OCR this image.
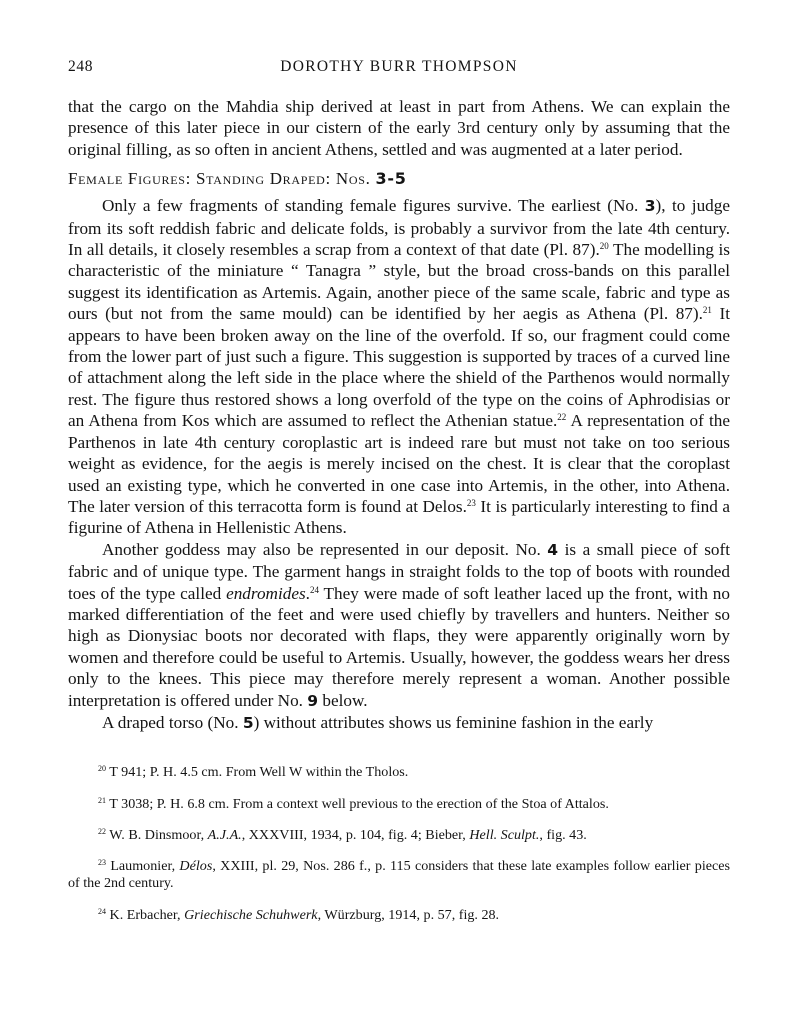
248	DOROTHY BURR THOMPSON

that the cargo on the Mahdia ship derived at least in part from Athens. We can explain the presence of this later piece in our cistern of the early 3rd century only by assuming that the original filling, as so often in ancient Athens, settled and was augmented at a later period.

Female Figures: Standing Draped: Nos. 3-5

Only a few fragments of standing female figures survive. The earliest (No. 3), to judge from its soft reddish fabric and delicate folds, is probably a survivor from the late 4th century. In all details, it closely resembles a scrap from a context of that date (Pl. 87).$^{20}$ The modelling is characteristic of the miniature “ Tanagra ” style, but the broad cross-bands on this parallel suggest its identification as Artemis. Again, another piece of the same scale, fabric and type as ours (but not from the same mould) can be identified by her aegis as Athena (Pl. 87).$^{21}$ It appears to have been broken away on the line of the overfold. If so, our fragment could come from the lower part of just such a figure. This suggestion is supported by traces of a curved line of attachment along the left side in the place where the shield of the Parthenos would normally rest. The figure thus restored shows a long overfold of the type on the coins of Aphrodisias or an Athena from Kos which are assumed to reflect the Athenian statue.$^{22}$ A representation of the Parthenos in late 4th century coroplastic art is indeed rare but must not take on too serious weight as evidence, for the aegis is merely incised on the chest. It is clear that the coroplast used an existing type, which he converted in one case into Artemis, in the other, into Athena. The later version of this terracotta form is found at Delos.$^{23}$ It is particularly interesting to find a figurine of Athena in Hellenistic Athens.

Another goddess may also be represented in our deposit. No. 4 is a small piece of soft fabric and of unique type. The garment hangs in straight folds to the top of boots with rounded toes of the type called endromides.$^{24}$ They were made of soft leather laced up the front, with no marked differentiation of the feet and were used chiefly by travellers and hunters. Neither so high as Dionysiac boots nor decorated with flaps, they were apparently originally worn by women and therefore could be useful to Artemis. Usually, however, the goddess wears her dress only to the knees. This piece may therefore merely represent a woman. Another possible interpretation is offered under No. 9 below.

A draped torso (No. 5) without attributes shows us feminine fashion in the early

$^{20}$ T 941; P. H. 4.5 cm. From Well W within the Tholos.

$^{21}$ T 3038; P. H. 6.8 cm. From a context well previous to the erection of the Stoa of Attalos.

$^{22}$ W. B. Dinsmoor, A.J.A., XXXVIII, 1934, p. 104, fig. 4; Bieber, Hell. Sculpt., fig. 43.

$^{23}$ Laumonier, Délos, XXIII, pl. 29, Nos. 286 f., p. 115 considers that these late examples follow earlier pieces of the 2nd century.

$^{24}$ K. Erbacher, Griechische Schuhwerk, Würzburg, 1914, p. 57, fig. 28.
